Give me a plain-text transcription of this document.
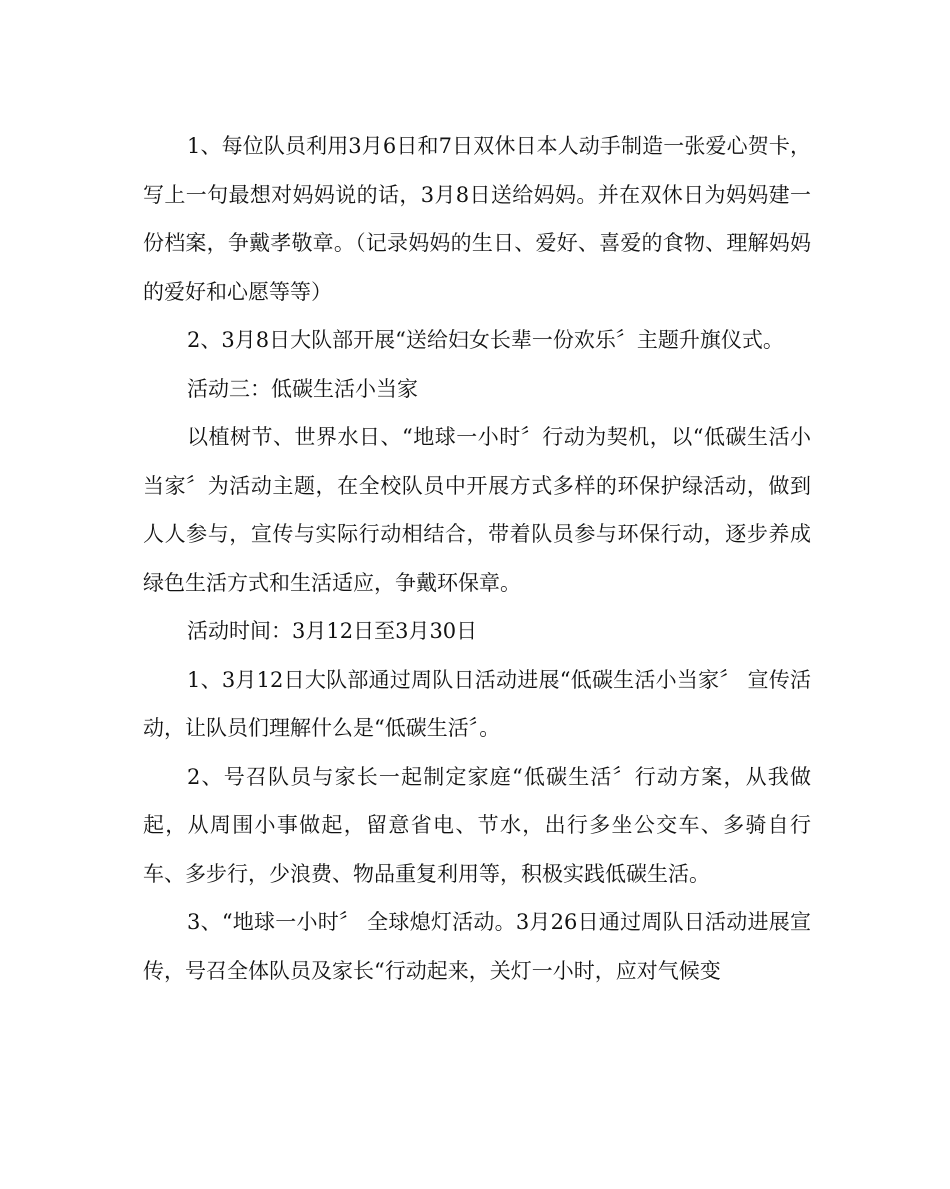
1、每位队员利用3月6日和7日双休日本人动手制造一张爱心贺卡，写上一句最想对妈妈说的话，3月8日送给妈妈。并在双休日为妈妈建一份档案，争戴孝敬章。（记录妈妈的生日、爱好、喜爱的食物、理解妈妈的爱好和心愿等等）

2、3月8日大队部开展“送给妇女长辈一份欢乐〞主题升旗仪式。

活动三：低碳生活小当家

以植树节、世界水日、“地球一小时〞行动为契机，以“低碳生活小当家〞为活动主题，在全校队员中开展方式多样的环保护绿活动，做到人人参与，宣传与实际行动相结合，带着队员参与环保行动，逐步养成绿色生活方式和生活适应，争戴环保章。

活动时间：3月12日至3月30日

1、3月12日大队部通过周队日活动进展“低碳生活小当家〞 宣传活动，让队员们理解什么是“低碳生活〞。

2、号召队员与家长一起制定家庭“低碳生活〞行动方案，从我做起，从周围小事做起，留意省电、节水，出行多坐公交车、多骑自行车、多步行，少浪费、物品重复利用等，积极实践低碳生活。

3、“地球一小时〞 全球熄灯活动。3月26日通过周队日活动进展宣传，号召全体队员及家长“行动起来，关灯一小时，应对气候变
